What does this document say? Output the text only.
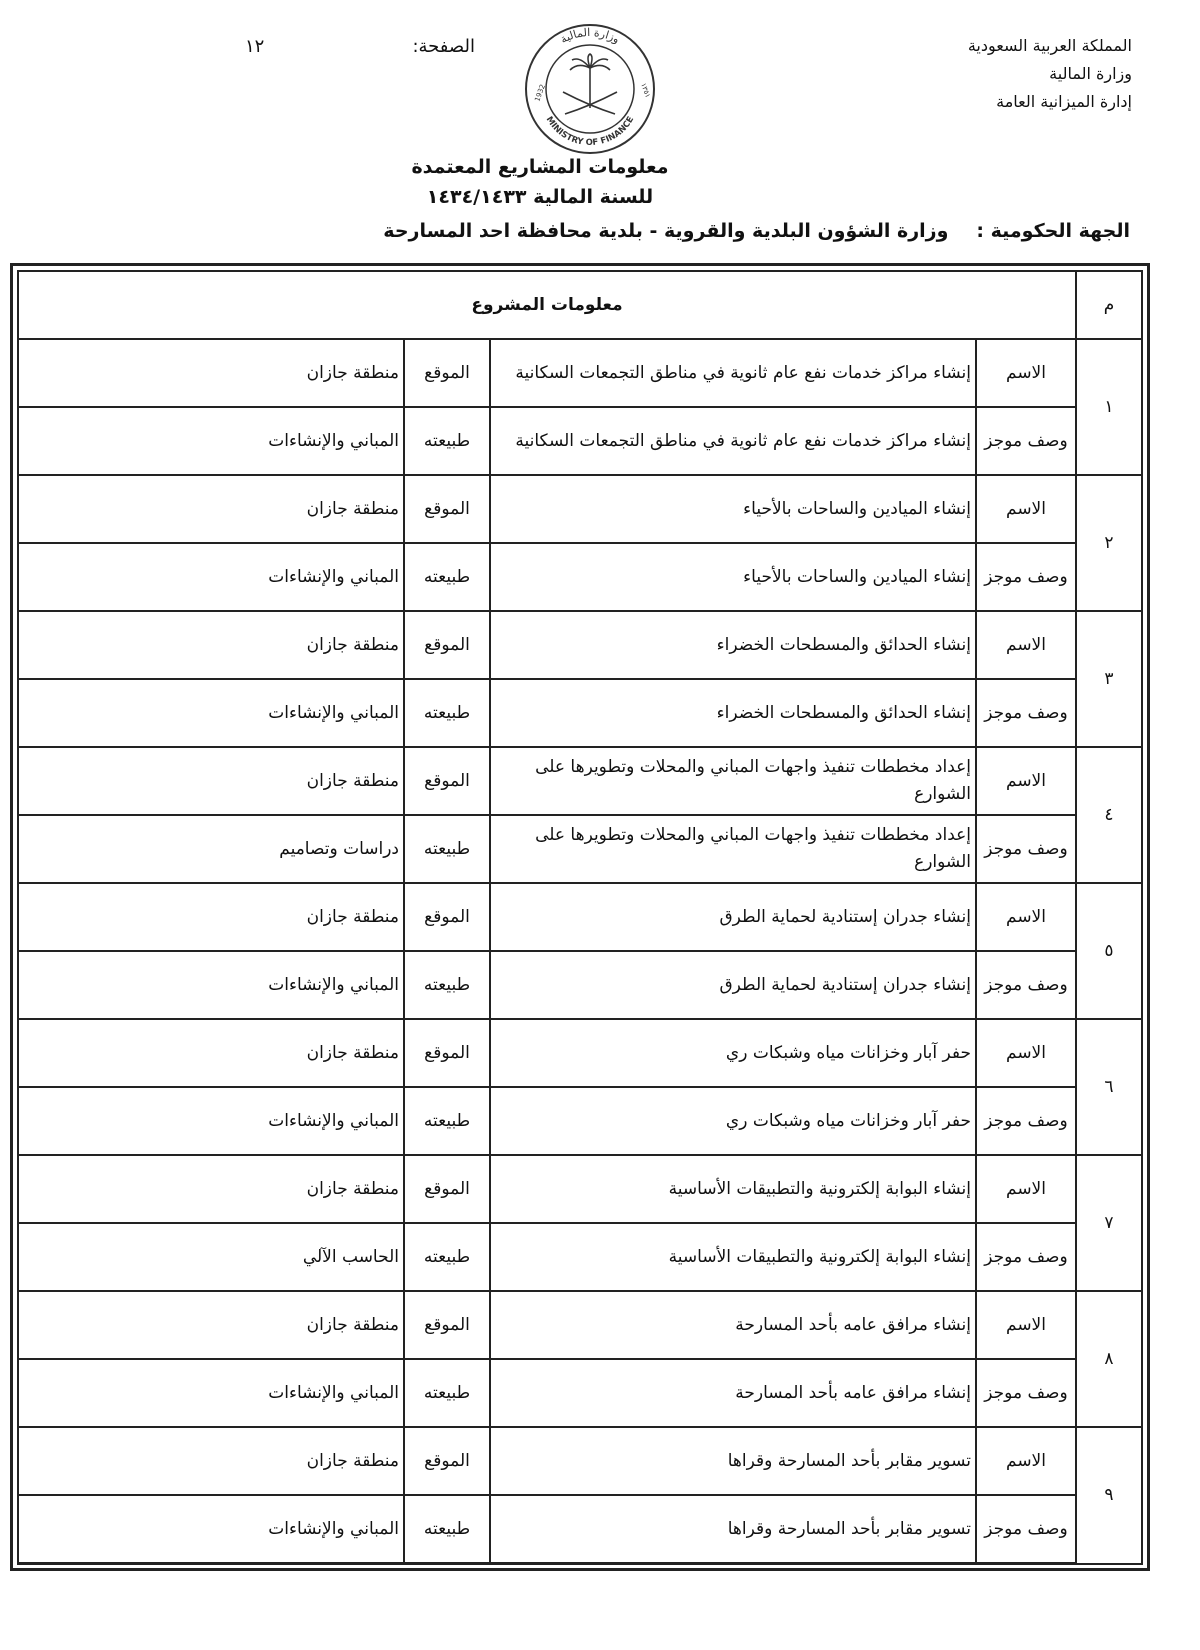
المملكة العربية السعودية
وزارة المالية
إدارة الميزانية العامة
الصفحة:
١٢	وزارة المالية
MINISTRY OF FINANCE
1932	١٣٥١
معلومات المشاريع المعتمدة
للسنة المالية ١٤٣٤/١٤٣٣
الجهة الحكومية :
وزارة الشؤون البلدية والقروية - بلدية محافظة احد المسارحة
م	معلومات المشروع			
١	الاسم	إنشاء مراكز خدمات نفع عام ثانوية في مناطق التجمعات السكانية	الموقع	منطقة جازان
	وصف موجز	إنشاء مراكز خدمات نفع عام ثانوية في مناطق التجمعات السكانية	طبيعته	المباني والإنشاءات
٢	الاسم	إنشاء الميادين والساحات بالأحياء	الموقع	منطقة جازان
	وصف موجز	إنشاء الميادين والساحات بالأحياء	طبيعته	المباني والإنشاءات
٣	الاسم	إنشاء الحدائق والمسطحات الخضراء	الموقع	منطقة جازان
	وصف موجز	إنشاء الحدائق والمسطحات الخضراء	طبيعته	المباني والإنشاءات
٤	الاسم	إعداد مخططات تنفيذ واجهات المباني والمحلات وتطويرها على الشوارع	الموقع	منطقة جازان
	وصف موجز	إعداد مخططات تنفيذ واجهات المباني والمحلات وتطويرها على الشوارع	طبيعته	دراسات وتصاميم
٥	الاسم	إنشاء جدران إستنادية لحماية الطرق	الموقع	منطقة جازان
	وصف موجز	إنشاء جدران إستنادية لحماية الطرق	طبيعته	المباني والإنشاءات
٦	الاسم	حفر آبار وخزانات مياه وشبكات ري	الموقع	منطقة جازان
	وصف موجز	حفر آبار وخزانات مياه وشبكات ري	طبيعته	المباني والإنشاءات
٧	الاسم	إنشاء البوابة إلكترونية والتطبيقات الأساسية	الموقع	منطقة جازان
	وصف موجز	إنشاء البوابة إلكترونية والتطبيقات الأساسية	طبيعته	الحاسب الآلي
٨	الاسم	إنشاء مرافق عامه بأحد المسارحة	الموقع	منطقة جازان
	وصف موجز	إنشاء مرافق عامه بأحد المسارحة	طبيعته	المباني والإنشاءات
٩	الاسم	تسوير مقابر بأحد المسارحة وقراها	الموقع	منطقة جازان
	وصف موجز	تسوير مقابر بأحد المسارحة وقراها	طبيعته	المباني والإنشاءات
